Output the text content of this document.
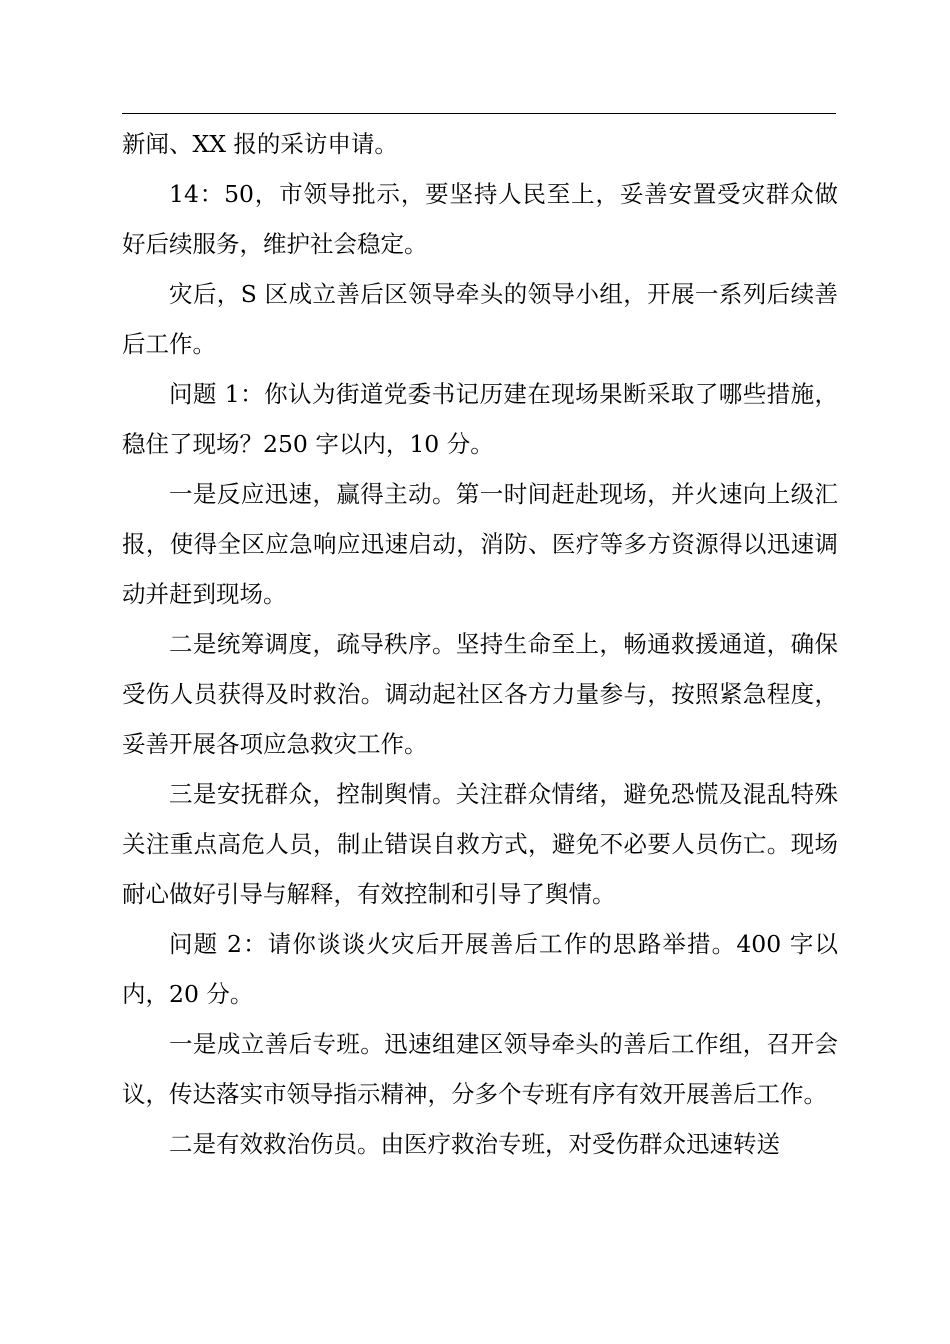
新闻、XX 报的采访申请。

14：50，市领导批示，要坚持人民至上，妥善安置受灾群众做好后续服务，维护社会稳定。

灾后，S 区成立善后区领导牵头的领导小组，开展一系列后续善后工作。

问题 1：你认为街道党委书记历建在现场果断采取了哪些措施，稳住了现场？250 字以内，10 分。

一是反应迅速，赢得主动。第一时间赶赴现场，并火速向上级汇报，使得全区应急响应迅速启动，消防、医疗等多方资源得以迅速调动并赶到现场。

二是统筹调度，疏导秩序。坚持生命至上，畅通救援通道，确保受伤人员获得及时救治。调动起社区各方力量参与，按照紧急程度，妥善开展各项应急救灾工作。

三是安抚群众，控制舆情。关注群众情绪，避免恐慌及混乱特殊关注重点高危人员，制止错误自救方式，避免不必要人员伤亡。现场耐心做好引导与解释，有效控制和引导了舆情。

问题 2：请你谈谈火灾后开展善后工作的思路举措。400 字以内，20 分。

一是成立善后专班。迅速组建区领导牵头的善后工作组，召开会议，传达落实市领导指示精神，分多个专班有序有效开展善后工作。

二是有效救治伤员。由医疗救治专班，对受伤群众迅速转送
